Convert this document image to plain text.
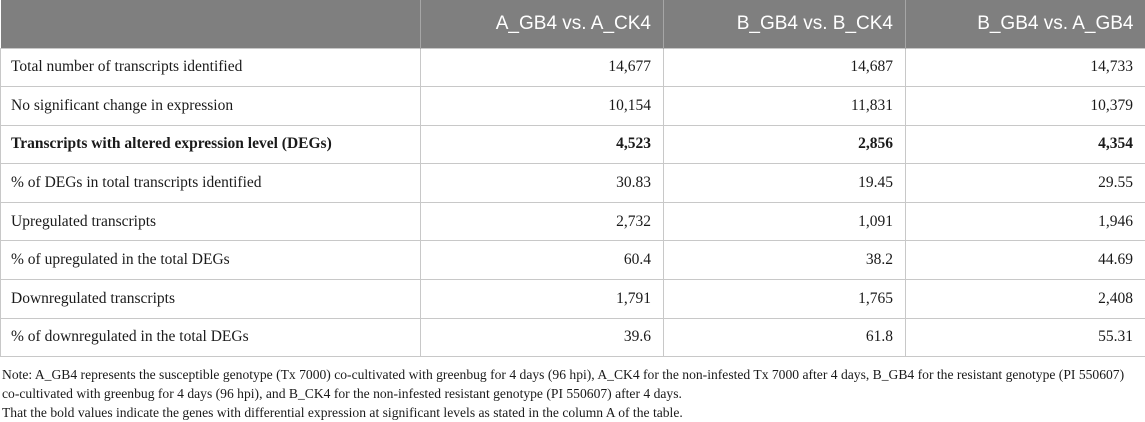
	A_GB4 vs. A_CK4	B_GB4 vs. B_CK4	B_GB4 vs. A_GB4
Total number of transcripts identified	14,677	14,687	14,733
No significant change in expression	10,154	11,831	10,379
Transcripts with altered expression level (DEGs)	4,523	2,856	4,354
% of DEGs in total transcripts identified	30.83	19.45	29.55
Upregulated transcripts	2,732	1,091	1,946
% of upregulated in the total DEGs	60.4	38.2	44.69
Downregulated transcripts	1,791	1,765	2,408
% of downregulated in the total DEGs	39.6	61.8	55.31

Note: A_GB4 represents the susceptible genotype (Tx 7000) co-cultivated with greenbug for 4 days (96 hpi), A_CK4 for the non-infested Tx 7000 after 4 days, B_GB4 for the resistant genotype (PI 550607) co-cultivated with greenbug for 4 days (96 hpi), and B_CK4 for the non-infested resistant genotype (PI 550607) after 4 days.

That the bold values indicate the genes with differential expression at significant levels as stated in the column A of the table.
